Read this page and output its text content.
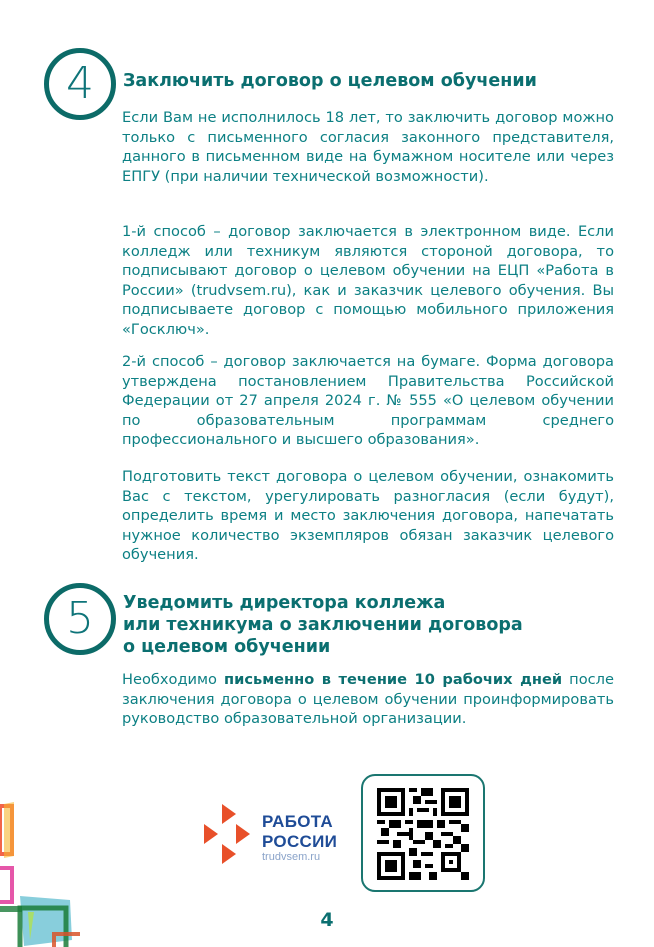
4 Заключить договор о целевом обучении

Если Вам не исполнилось 18 лет, то заключить договор можно только с письменного согласия законного представителя, данного в письменном виде на бумажном носителе или через ЕПГУ (при наличии технической возможности).

1-й способ – договор заключается в электронном виде. Если колледж или техникум являются стороной договора, то подписывают договор о целевом обучении на ЕЦП «Работа в России» (trudvsem.ru), как и заказчик целевого обучения. Вы подписываете договор с помощью мобильного приложения «Госключ».

2-й способ – договор заключается на бумаге. Форма договора утверждена постановлением Правительства Российской Федерации от 27 апреля 2024 г. № 555 «О целевом обучении по образовательным программам среднего профессионального и высшего образования».

Подготовить текст договора о целевом обучении, ознакомить Вас с текстом, урегулировать разногласия (если будут), определить время и место заключения договора, напечатать нужное количество экземпляров обязан заказчик целевого обучения.

5 Уведомить директора коллежа
или техникума о заключении договора
о целевом обучении

Необходимо письменно в течение 10 рабочих дней после заключения договора о целевом обучении проинформировать руководство образовательной организации.

РАБОТА
РОССИИ
trudvsem.ru
4
